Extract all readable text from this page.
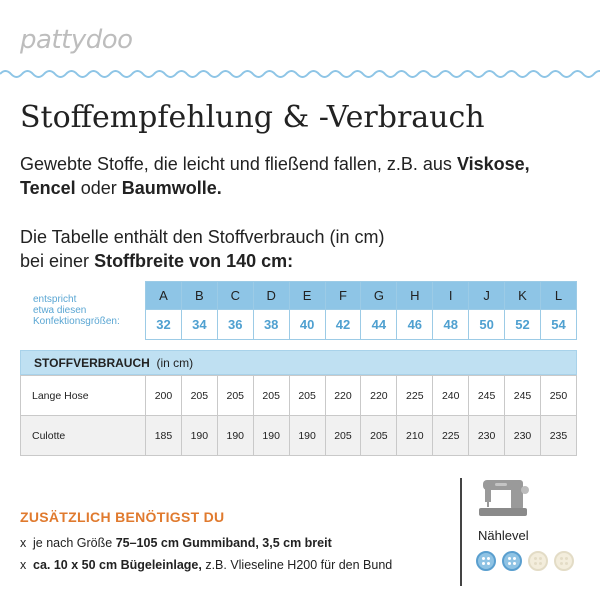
pattydoo
Stoffempfehlung & -Verbrauch
Gewebte Stoffe, die leicht und fließend fallen, z.B. aus Viskose,
Tencel oder Baumwolle.
Die Tabelle enthält den Stoffverbrauch (in cm)
bei einer Stoffbreite von 140 cm:
entspricht
etwa diesen
Konfektionsgrößen:
A	B	C	D	E	F	G	H	I	J	K	L
32	34	36	38	40	42	44	46	48	50	52	54
STOFFVERBRAUCH (in cm)
Lange Hose	200	205	205	205	205	220	220	225	240	245	245	250
Culotte	185	190	190	190	190	205	205	210	225	230	230	235
ZUSÄTZLICH BENÖTIGST DU
x je nach Größe 75–105 cm Gummiband, 3,5 cm breit
x ca. 10 x 50 cm Bügeleinlage, z.B. Vlieseline H200 für den Bund
Nählevel
